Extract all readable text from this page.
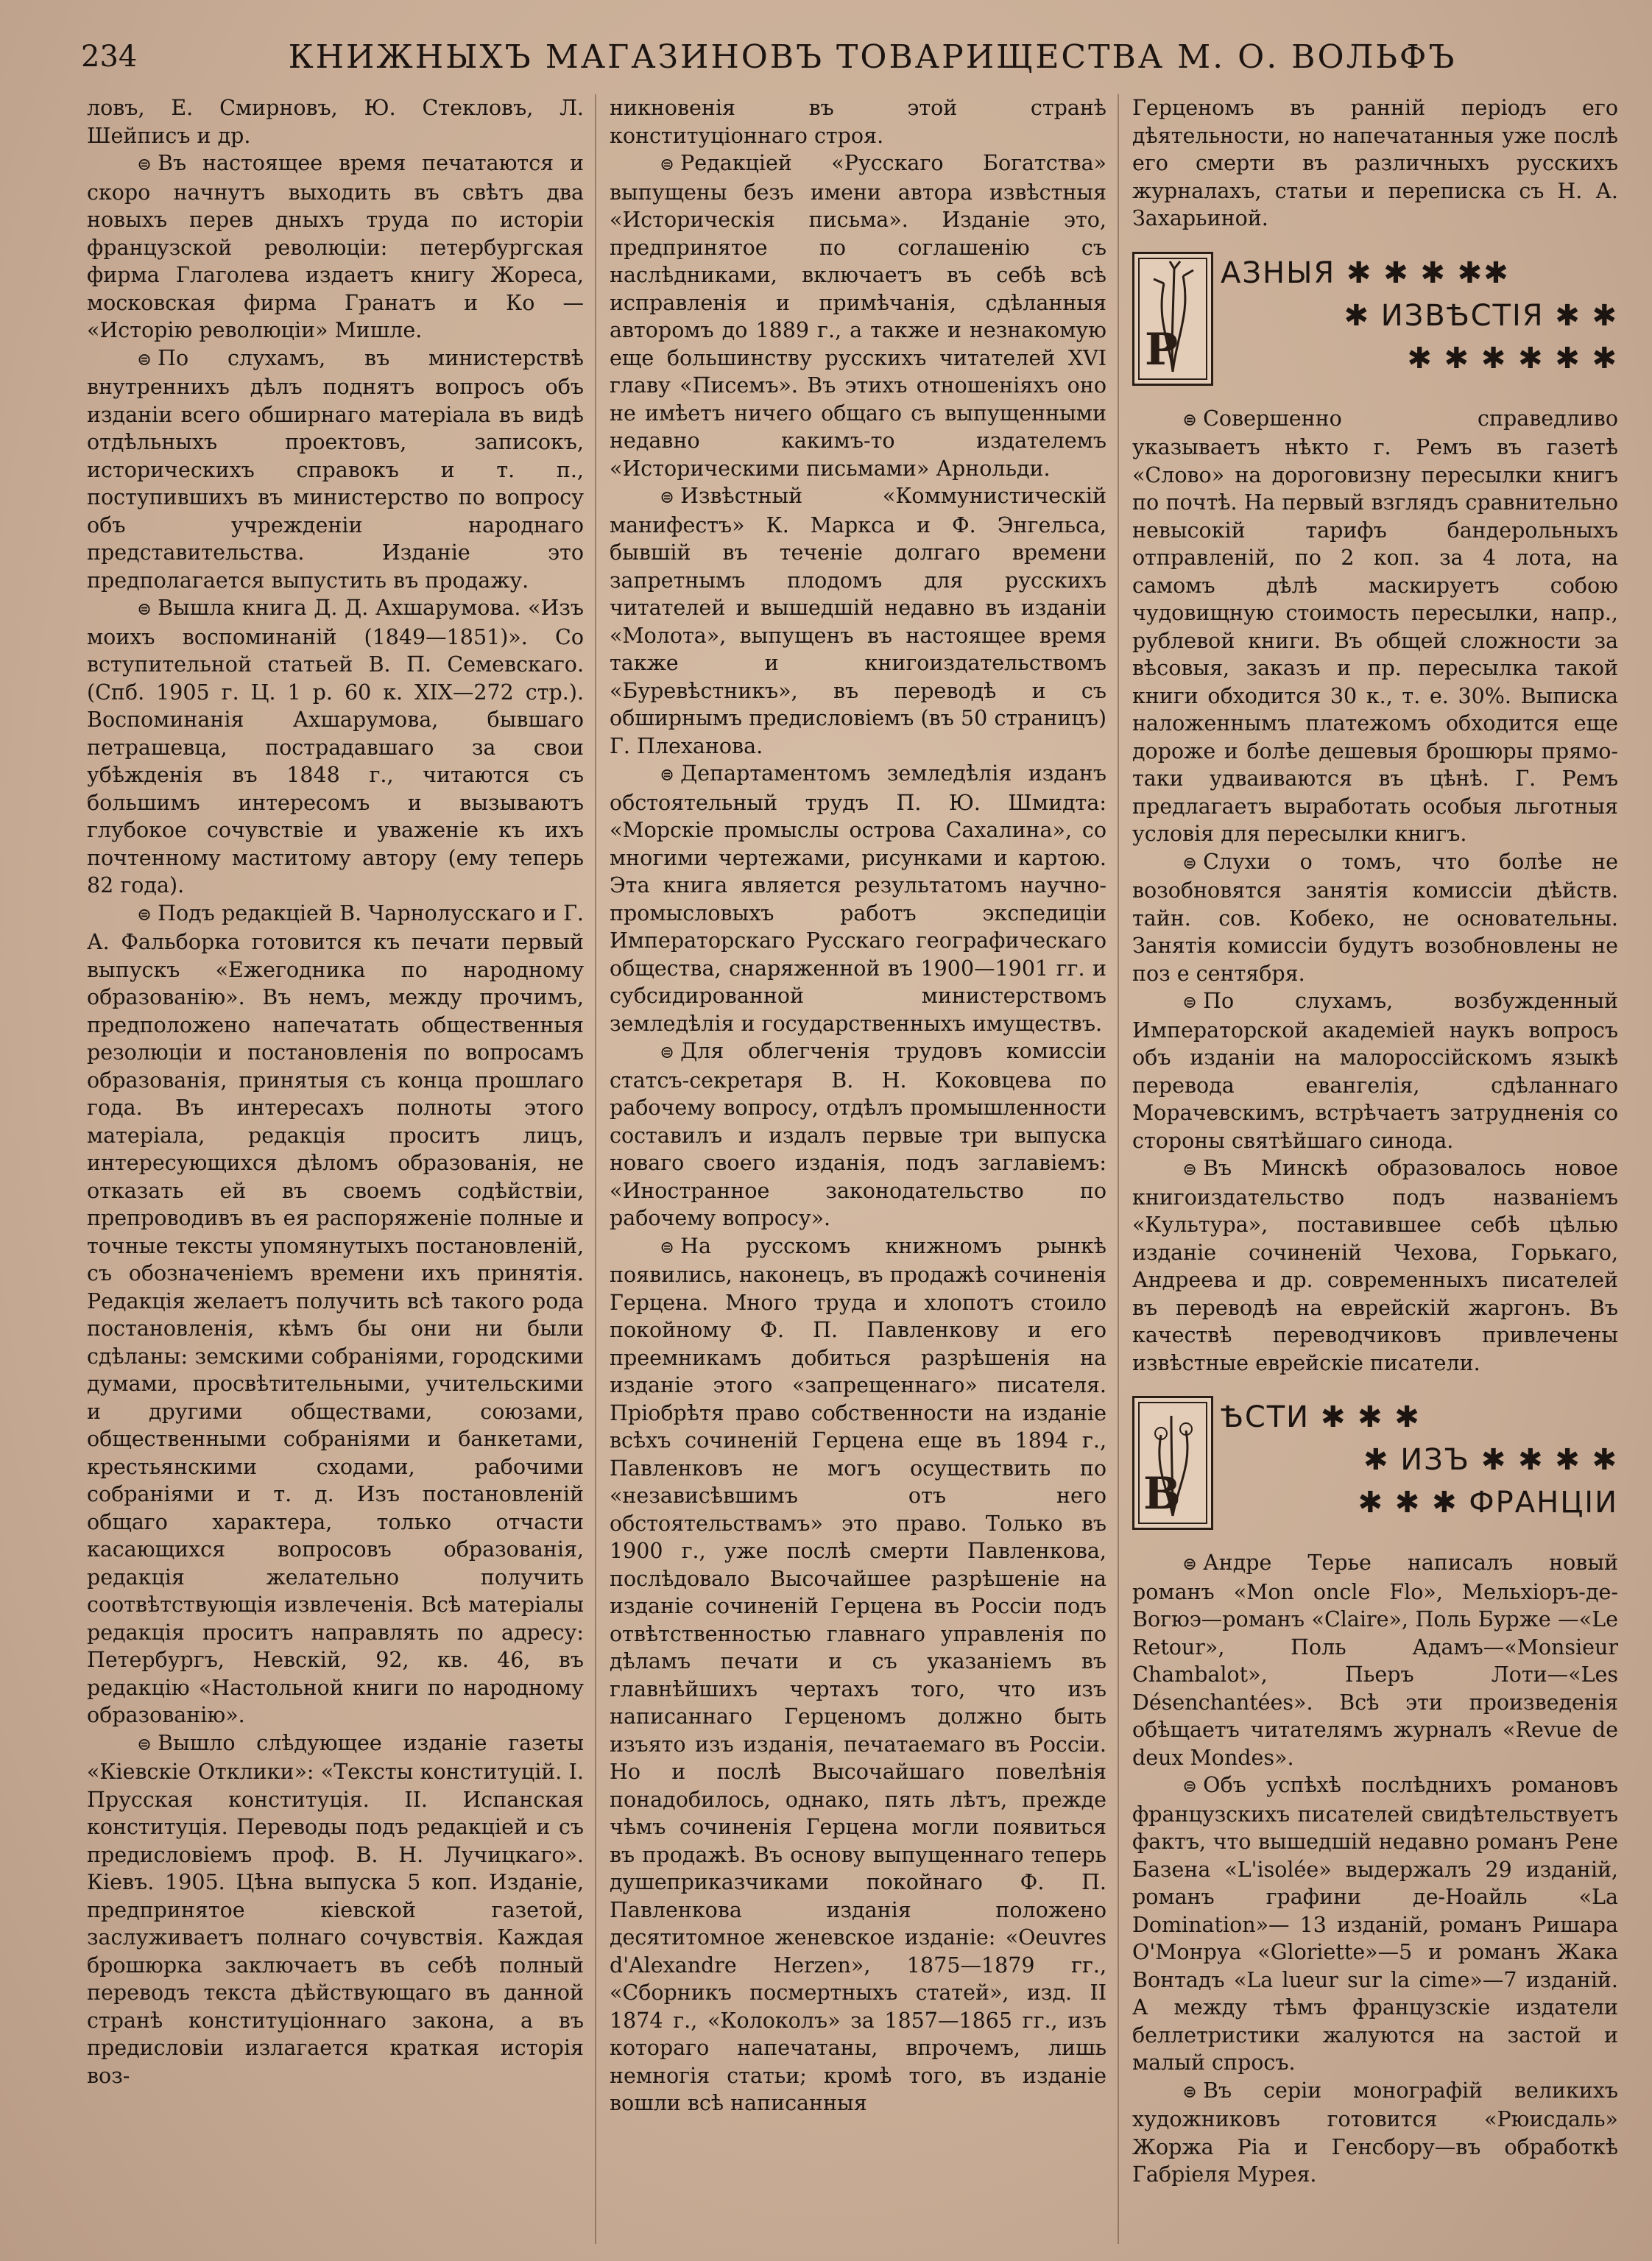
234	КНИЖНЫХЪ МАГАЗИНОВЪ ТОВАРИЩЕСТВА М. О. ВОЛЬФЪ

ловъ, Е. Смирновъ, Ю. Стекловъ, Л. Шейписъ и др.

⊜ Въ настоящее время печатаются и скоро начнутъ выходить въ свѣтъ два новыхъ перев дныхъ труда по исторiи французской революцiи: петербургская фирма Глаголева издаетъ книгу Жореса, московская фирма Гранатъ и Ко — «Исторiю революцiи» Мишле.

⊜ По слухамъ, въ министерствѣ внутреннихъ дѣлъ поднятъ вопросъ объ изданiи всего обширнаго матерiала въ видѣ отдѣльныхъ проектовъ, записокъ, историческихъ справокъ и т. п., поступившихъ въ министерство по вопросу объ учрежденiи народнаго представительства. Изданiе это предполагается выпустить въ продажу.

⊜ Вышла книга Д. Д. Ахшарумова. «Изъ моихъ воспоминанiй (1849—1851)». Со вступительной статьей В. П. Семевскаго. (Спб. 1905 г. Ц. 1 р. 60 к. XIX—272 стр.). Воспоминанiя Ахшарумова, бывшаго петрашевца, пострадавшаго за свои убѣжденiя въ 1848 г., читаются съ большимъ интересомъ и вызываютъ глубокое сочувствiе и уваженiе къ ихъ почтенному маститому автору (ему теперь 82 года).

⊜ Подъ редакцiей В. Чарнолусскаго и Г. А. Фальборка готовится къ печати первый выпускъ «Ежегодника по народному образованiю». Въ немъ, между прочимъ, предположено напечатать общественныя резолюцiи и постановленiя по вопросамъ образованiя, принятыя съ конца прошлаго года. Въ интересахъ полноты этого матерiала, редакцiя проситъ лицъ, интересующихся дѣломъ образованiя, не отказать ей въ своемъ содѣйствiи, препроводивъ въ ея распоряженiе полные и точные тексты упомянутыхъ постановленiй, съ обозначенiемъ времени ихъ принятiя. Редакцiя желаетъ получить всѣ такого рода постановленiя, кѣмъ бы они ни были сдѣланы: земскими собранiями, городскими думами, просвѣтительными, учительскими и другими обществами, союзами, общественными собранiями и банкетами, крестьянскими сходами, рабочими собранiями и т. д. Изъ постановленiй общаго характера, только отчасти касающихся вопросовъ образованiя, редакцiя желательно получить соотвѣтствующiя извлеченiя. Всѣ матерiалы редакцiя проситъ направлять по адресу: Петербургъ, Невскiй, 92, кв. 46, въ редакцiю «Настольной книги по народному образованiю».

⊜ Вышло слѣдующее изданiе газеты «Кiевскiе Отклики»: «Тексты конституцiй. I. Прусская конституцiя. II. Испанская конституцiя. Переводы подъ редакцiей и съ предисловiемъ проф. В. Н. Лучицкаго». Кiевъ. 1905. Цѣна выпуска 5 коп. Изданiе, предпринятое кiевской газетой, заслуживаетъ полнаго сочувствiя. Каждая брошюрка заключаетъ въ себѣ полный переводъ текста дѣйствующаго въ данной странѣ конституцiоннаго закона, а въ предисловiи излагается краткая исторiя воз-

никновенiя въ этой странѣ конституцiоннаго строя.

⊜ Редакцiей «Русскаго Богатства» выпущены безъ имени автора извѣстныя «Историческiя письма». Изданiе это, предпринятое по соглашенiю съ наслѣдниками, включаетъ въ себѣ всѣ исправленiя и примѣчанiя, сдѣланныя авторомъ до 1889 г., а также и незнакомую еще большинству русскихъ читателей XVI главу «Писемъ». Въ этихъ отношенiяхъ оно не имѣетъ ничего общаго съ выпущенными недавно какимъ-то издателемъ «Историческими письмами» Арнольди.

⊜ Извѣстный «Коммунистическiй манифестъ» К. Маркса и Ф. Энгельса, бывшiй въ теченiе долгаго времени запретнымъ плодомъ для русскихъ читателей и вышедшiй недавно въ изданiи «Молота», выпущенъ въ настоящее время также и книгоиздательствомъ «Буревѣстникъ», въ переводѣ и съ обширнымъ предисловiемъ (въ 50 страницъ) Г. Плеханова.

⊜ Департаментомъ земледѣлiя изданъ обстоятельный трудъ П. Ю. Шмидта: «Морскiе промыслы острова Сахалина», со многими чертежами, рисунками и картою. Эта книга является результатомъ научно-промысловыхъ работъ экспедицiи Императорскаго Русскаго географическаго общества, снаряженной въ 1900—1901 гг. и субсидированной министерствомъ земледѣлiя и государственныхъ имуществъ.

⊜ Для облегченiя трудовъ комиссiи статсъ-секретаря В. Н. Коковцева по рабочему вопросу, отдѣлъ промышленности составилъ и издалъ первые три выпуска новаго своего изданiя, подъ заглавiемъ: «Иностранное законодательство по рабочему вопросу».

⊜ На русскомъ книжномъ рынкѣ появились, наконецъ, въ продажѣ сочиненiя Герцена. Много труда и хлопотъ стоило покойному Ф. П. Павленкову и его преемникамъ добиться разрѣшенiя на изданiе этого «запрещеннаго» писателя. Прiобрѣтя право собственности на изданiе всѣхъ сочиненiй Герцена еще въ 1894 г., Павленковъ не могъ осуществить по «независѣвшимъ отъ него обстоятельствамъ» это право. Только въ 1900 г., уже послѣ смерти Павленкова, послѣдовало Высочайшее разрѣшенiе на изданiе сочиненiй Герцена въ Россiи подъ отвѣтственностью главнаго управленiя по дѣламъ печати и съ указанiемъ въ главнѣйшихъ чертахъ того, что изъ написаннаго Герценомъ должно быть изъято изъ изданiя, печатаемаго въ Россiи. Но и послѣ Высочайшаго повелѣнiя понадобилось, однако, пять лѣтъ, прежде чѣмъ сочиненiя Герцена могли появиться въ продажѣ. Въ основу выпущеннаго теперь душеприказчиками покойнаго Ф. П. Павленкова изданiя положено десятитомное женевское изданiе: «Oeuvres d'Alexandre Herzen», 1875—1879 гг., «Сборникъ посмертныхъ статей», изд. II 1874 г., «Колоколъ» за 1857—1865 гг., изъ котораго напечатаны, впрочемъ, лишь немногiя статьи; кромѣ того, въ изданiе вошли всѣ написанныя

Герценомъ въ раннiй перiодъ его дѣятельности, но напечатанныя уже послѣ его смерти въ различныхъ русскихъ журналахъ, статьи и переписка съ Н. А. Захарьиной.

Р
АЗНЫЯ ✱ ✱ ✱ ✱✱
✱ ИЗВѢСТIЯ ✱ ✱
✱ ✱ ✱ ✱ ✱ ✱

⊜ Совершенно справедливо указываетъ нѣкто г. Ремъ въ газетѣ «Слово» на дороговизну пересылки книгъ по почтѣ. На первый взглядъ сравнительно невысокiй тарифъ бандерольныхъ отправленiй, по 2 коп. за 4 лота, на самомъ дѣлѣ маскируетъ собою чудовищную стоимость пересылки, напр., рублевой книги. Въ общей сложности за вѣсовыя, заказъ и пр. пересылка такой книги обходится 30 к., т. е. 30%. Выписка наложеннымъ платежомъ обходится еще дороже и болѣе дешевыя брошюры прямо-таки удваиваются въ цѣнѣ. Г. Ремъ предлагаетъ выработать особыя льготныя условiя для пересылки книгъ.

⊜ Слухи о томъ, что болѣе не возобновятся занятiя комиссiи дѣйств. тайн. сов. Кобеко, не основательны. Занятiя комиссiи будутъ возобновлены не поз e сентября.

⊜ По слухамъ, возбужденный Императорской академiей наукъ вопросъ объ изданiи на малороссiйскомъ языкѣ перевода евангелiя, сдѣланнаго Морачевскимъ, встрѣчаетъ затрудненiя со стороны святѣйшаго синода.

⊜ Въ Минскѣ образовалось новое книгоиздательство подъ названiемъ «Культура», поставившее себѣ цѣлью изданiе сочиненiй Чехова, Горькаго, Андреева и др. современныхъ писателей въ переводѣ на еврейскiй жаргонъ. Въ качествѣ переводчиковъ привлечены извѣстные еврейскiе писатели.

В
ѢСТИ ✱ ✱ ✱
✱ ИЗЪ ✱ ✱ ✱ ✱
✱ ✱ ✱ ФРАНЦIИ

⊜ Андре Терье написалъ новый романъ «Mon oncle Flo», Мельхiоръ-де-Вогюэ—романъ «Claire», Поль Бурже —«Le Retour», Поль Адамъ—«Monsieur Chambalot», Пьеръ Лоти—«Les Désenchantées». Всѣ эти произведенiя обѣщаетъ читателямъ журналъ «Revue de deux Mondes».

⊜ Объ успѣхѣ послѣднихъ романовъ французскихъ писателей свидѣтельствуетъ фактъ, что вышедшiй недавно романъ Рене Базена «L'isolée» выдержалъ 29 изданiй, романъ графини де-Ноайль «La Domination»— 13 изданiй, романъ Ришара О'Монруа «Gloriette»—5 и романъ Жака Вонтадъ «La lueur sur la cime»—7 изданiй. А между тѣмъ французскiе издатели беллетристики жалуются на застой и малый спросъ.

⊜ Въ серiи монографiй великихъ художниковъ готовится «Рюисдаль» Жоржа Рiа и Генсбору—въ обработкѣ Габрiеля Мурея.
